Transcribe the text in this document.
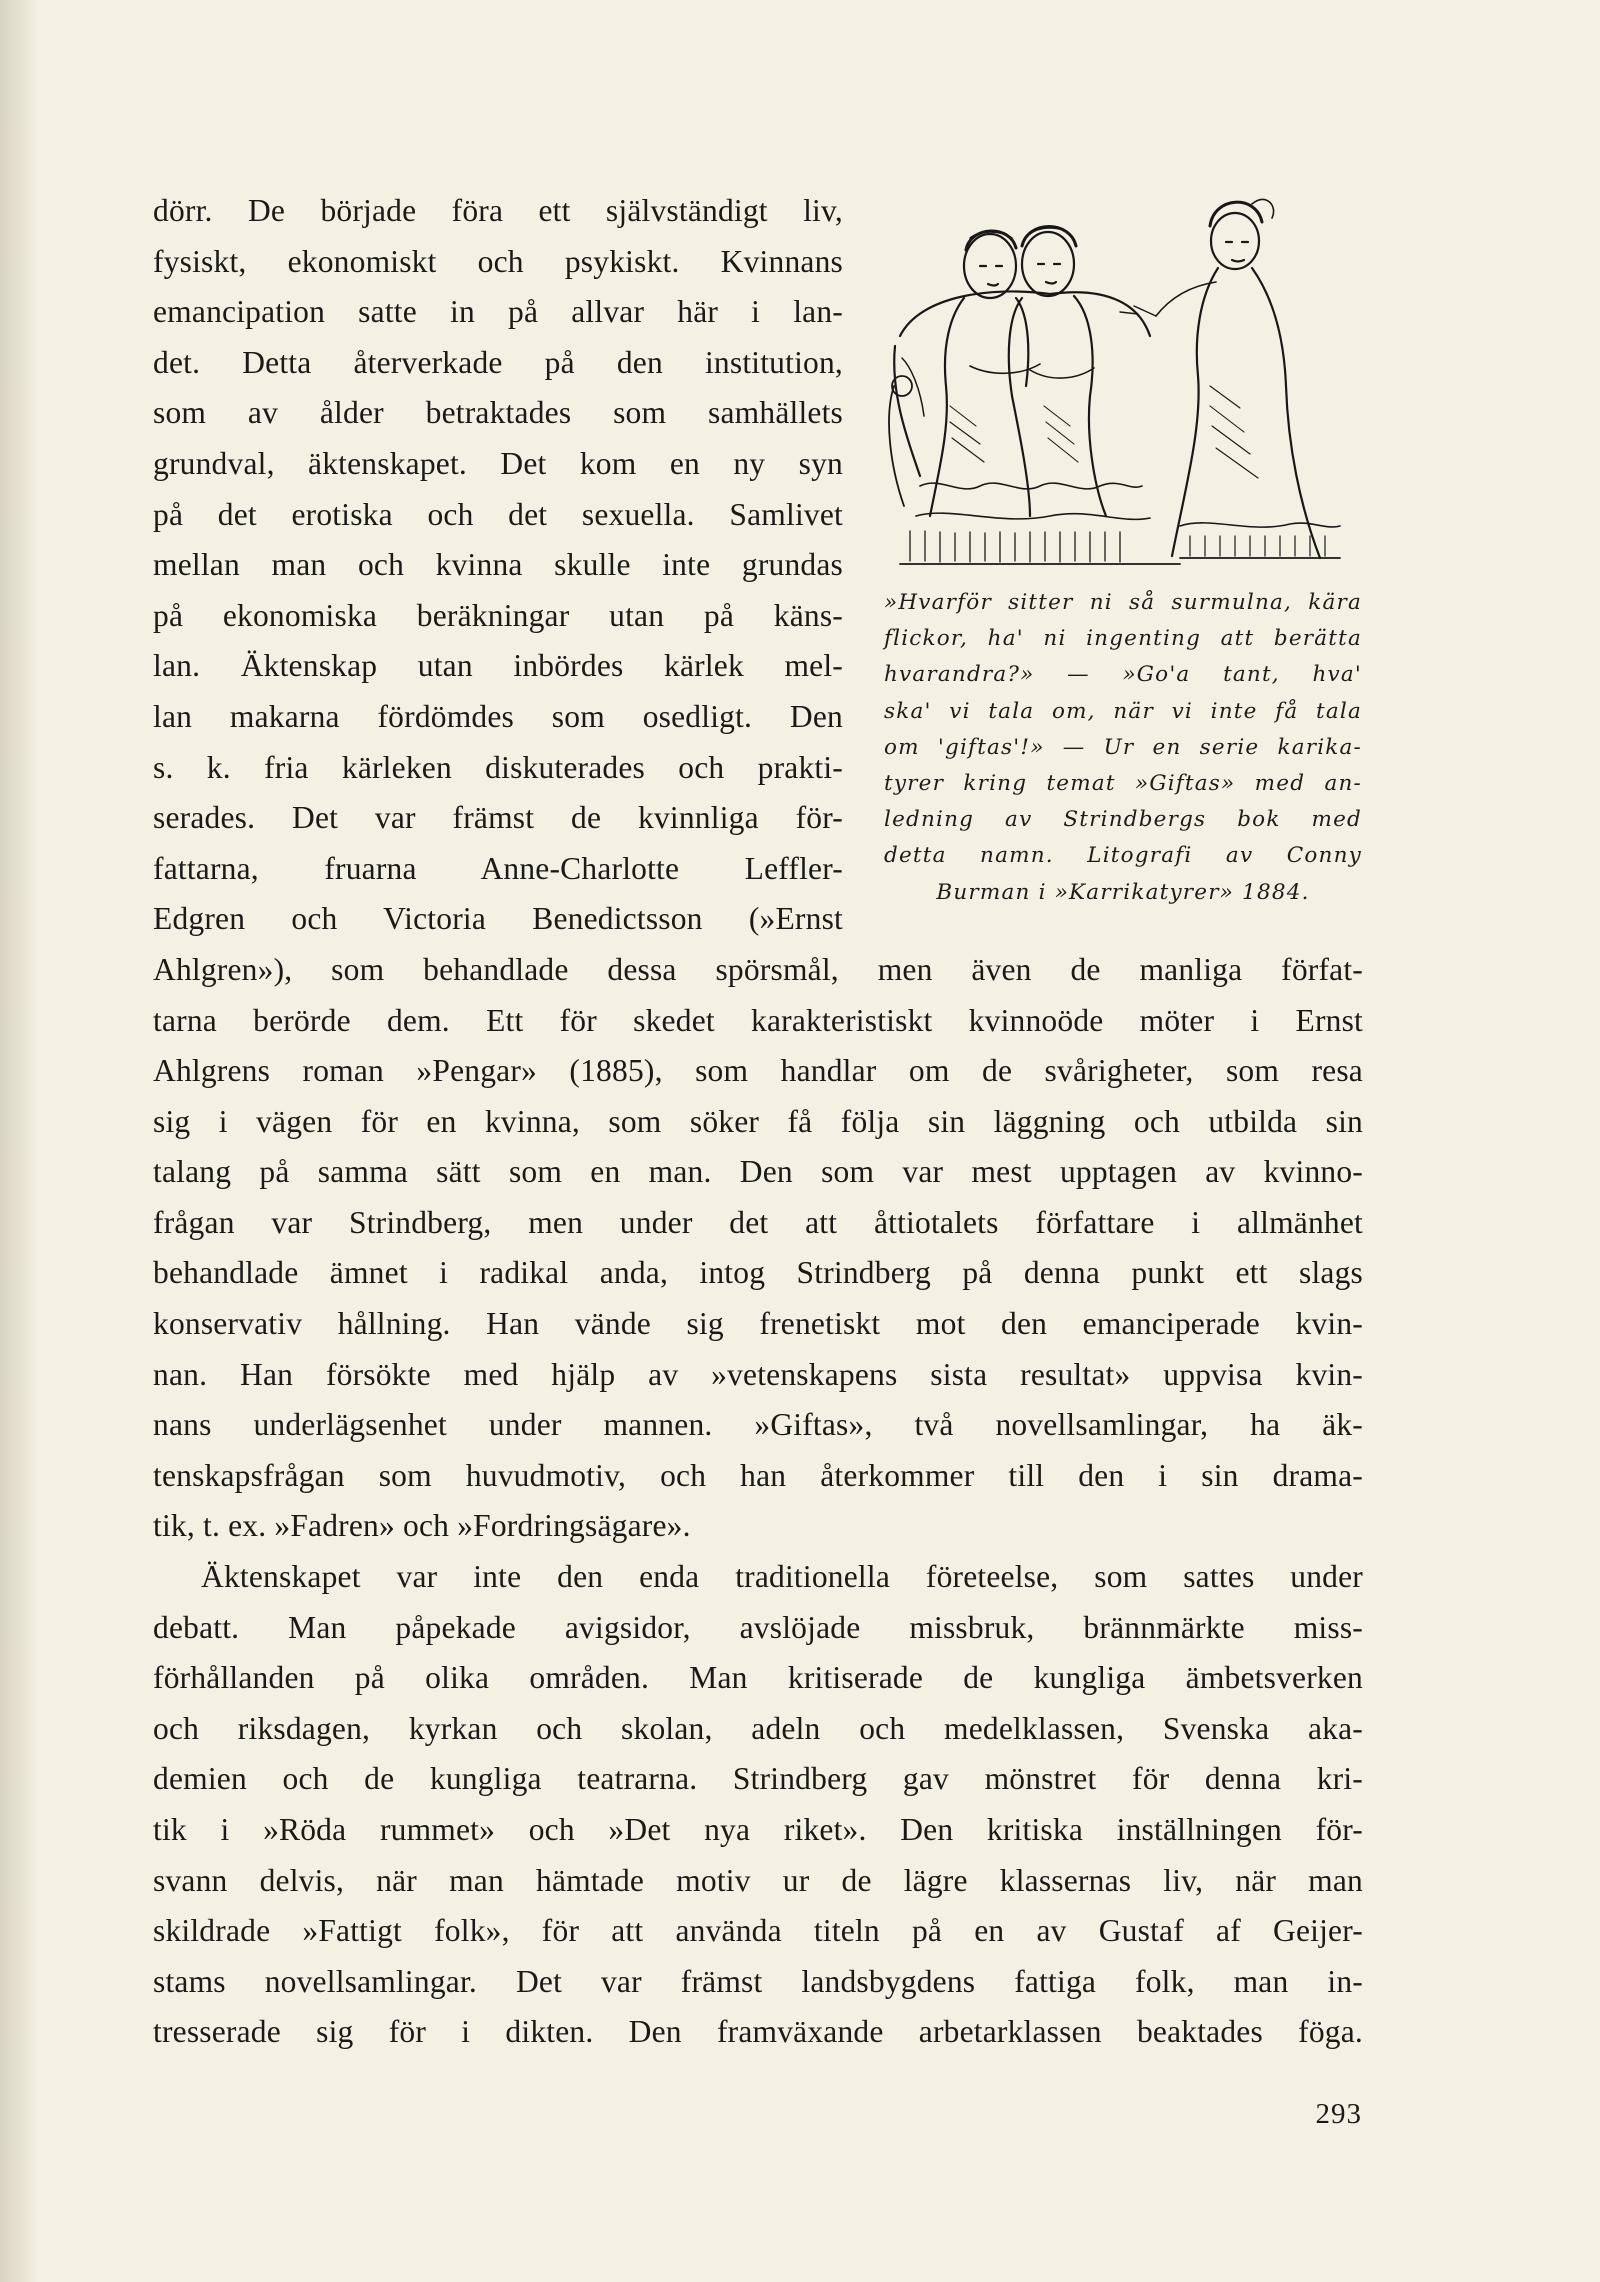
dörr. De började föra ett självständigt liv,
fysiskt, ekonomiskt och psykiskt. Kvinnans
emancipation satte in på allvar här i lan-
det. Detta återverkade på den institution,
som av ålder betraktades som samhällets
grundval, äktenskapet. Det kom en ny syn
på det erotiska och det sexuella. Samlivet
mellan man och kvinna skulle inte grundas
på ekonomiska beräkningar utan på käns-
lan. Äktenskap utan inbördes kärlek mel-
lan makarna fördömdes som osedligt. Den
s. k. fria kärleken diskuterades och prakti-
serades. Det var främst de kvinnliga för-
fattarna, fruarna Anne-Charlotte Leffler-
Edgren och Victoria Benedictsson (»Ernst
Ahlgren»), som behandlade dessa spörsmål, men även de manliga förfat-
tarna berörde dem. Ett för skedet karakteristiskt kvinnoöde möter i Ernst
Ahlgrens roman »Pengar» (1885), som handlar om de svårigheter, som resa
sig i vägen för en kvinna, som söker få följa sin läggning och utbilda sin
talang på samma sätt som en man. Den som var mest upptagen av kvinno-
frågan var Strindberg, men under det att åttiotalets författare i allmänhet
behandlade ämnet i radikal anda, intog Strindberg på denna punkt ett slags
konservativ hållning. Han vände sig frenetiskt mot den emanciperade kvin-
nan. Han försökte med hjälp av »vetenskapens sista resultat» uppvisa kvin-
nans underlägsenhet under mannen. »Giftas», två novellsamlingar, ha äk-
tenskapsfrågan som huvudmotiv, och han återkommer till den i sin drama-
tik, t. ex. »Fadren» och »Fordringsägare».
Äktenskapet var inte den enda traditionella företeelse, som sattes under
debatt. Man påpekade avigsidor, avslöjade missbruk, brännmärkte miss-
förhållanden på olika områden. Man kritiserade de kungliga ämbetsverken
och riksdagen, kyrkan och skolan, adeln och medelklassen, Svenska aka-
demien och de kungliga teatrarna. Strindberg gav mönstret för denna kri-
tik i »Röda rummet» och »Det nya riket». Den kritiska inställningen för-
svann delvis, när man hämtade motiv ur de lägre klassernas liv, när man
skildrade »Fattigt folk», för att använda titeln på en av Gustaf af Geijer-
stams novellsamlingar. Det var främst landsbygdens fattiga folk, man in-
tresserade sig för i dikten. Den framväxande arbetarklassen beaktades föga.
»Hvarför sitter ni så surmulna, kära
flickor, ha' ni ingenting att berätta
hvarandra?» — »Go'a tant, hva'
ska' vi tala om, när vi inte få tala
om 'giftas'!» — Ur en serie karika-
tyrer kring temat »Giftas» med an-
ledning av Strindbergs bok med
detta namn. Litografi av Conny
Burman i »Karrikatyrer» 1884.
293
